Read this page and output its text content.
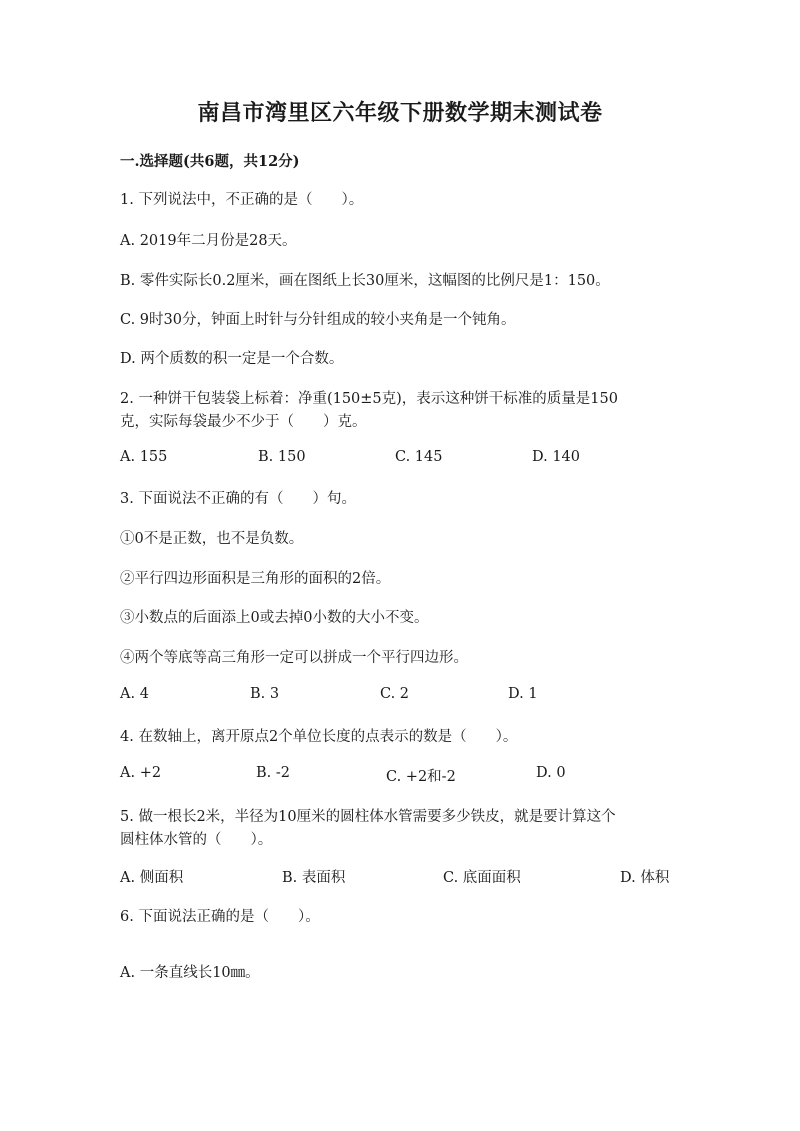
南昌市湾里区六年级下册数学期末测试卷
一.选择题(共6题，共12分)
1. 下列说法中，不正确的是（　　）。
A. 2019年二月份是28天。
B. 零件实际长0.2厘米，画在图纸上长30厘米，这幅图的比例尺是1：150。
C. 9时30分，钟面上时针与分针组成的较小夹角是一个钝角。
D. 两个质数的积一定是一个合数。
2. 一种饼干包装袋上标着：净重(150±5克)，表示这种饼干标准的质量是150
克，实际每袋最少不少于（　　）克。
A. 155	B. 150	C. 145	D. 140
3. 下面说法不正确的有（　　）句。
①0不是正数，也不是负数。
②平行四边形面积是三角形的面积的2倍。
③小数点的后面添上0或去掉0小数的大小不变。
④两个等底等高三角形一定可以拼成一个平行四边形。
A. 4	B. 3	C. 2	D. 1
4. 在数轴上，离开原点2个单位长度的点表示的数是（　　）。
A. +2	B. -2	C. +2和-2	D. 0
5. 做一根长2米，半径为10厘米的圆柱体水管需要多少铁皮，就是要计算这个
圆柱体水管的（　　）。
A. 侧面积	B. 表面积	C. 底面面积	D. 体积
6. 下面说法正确的是（　　）。
A. 一条直线长10㎜。
